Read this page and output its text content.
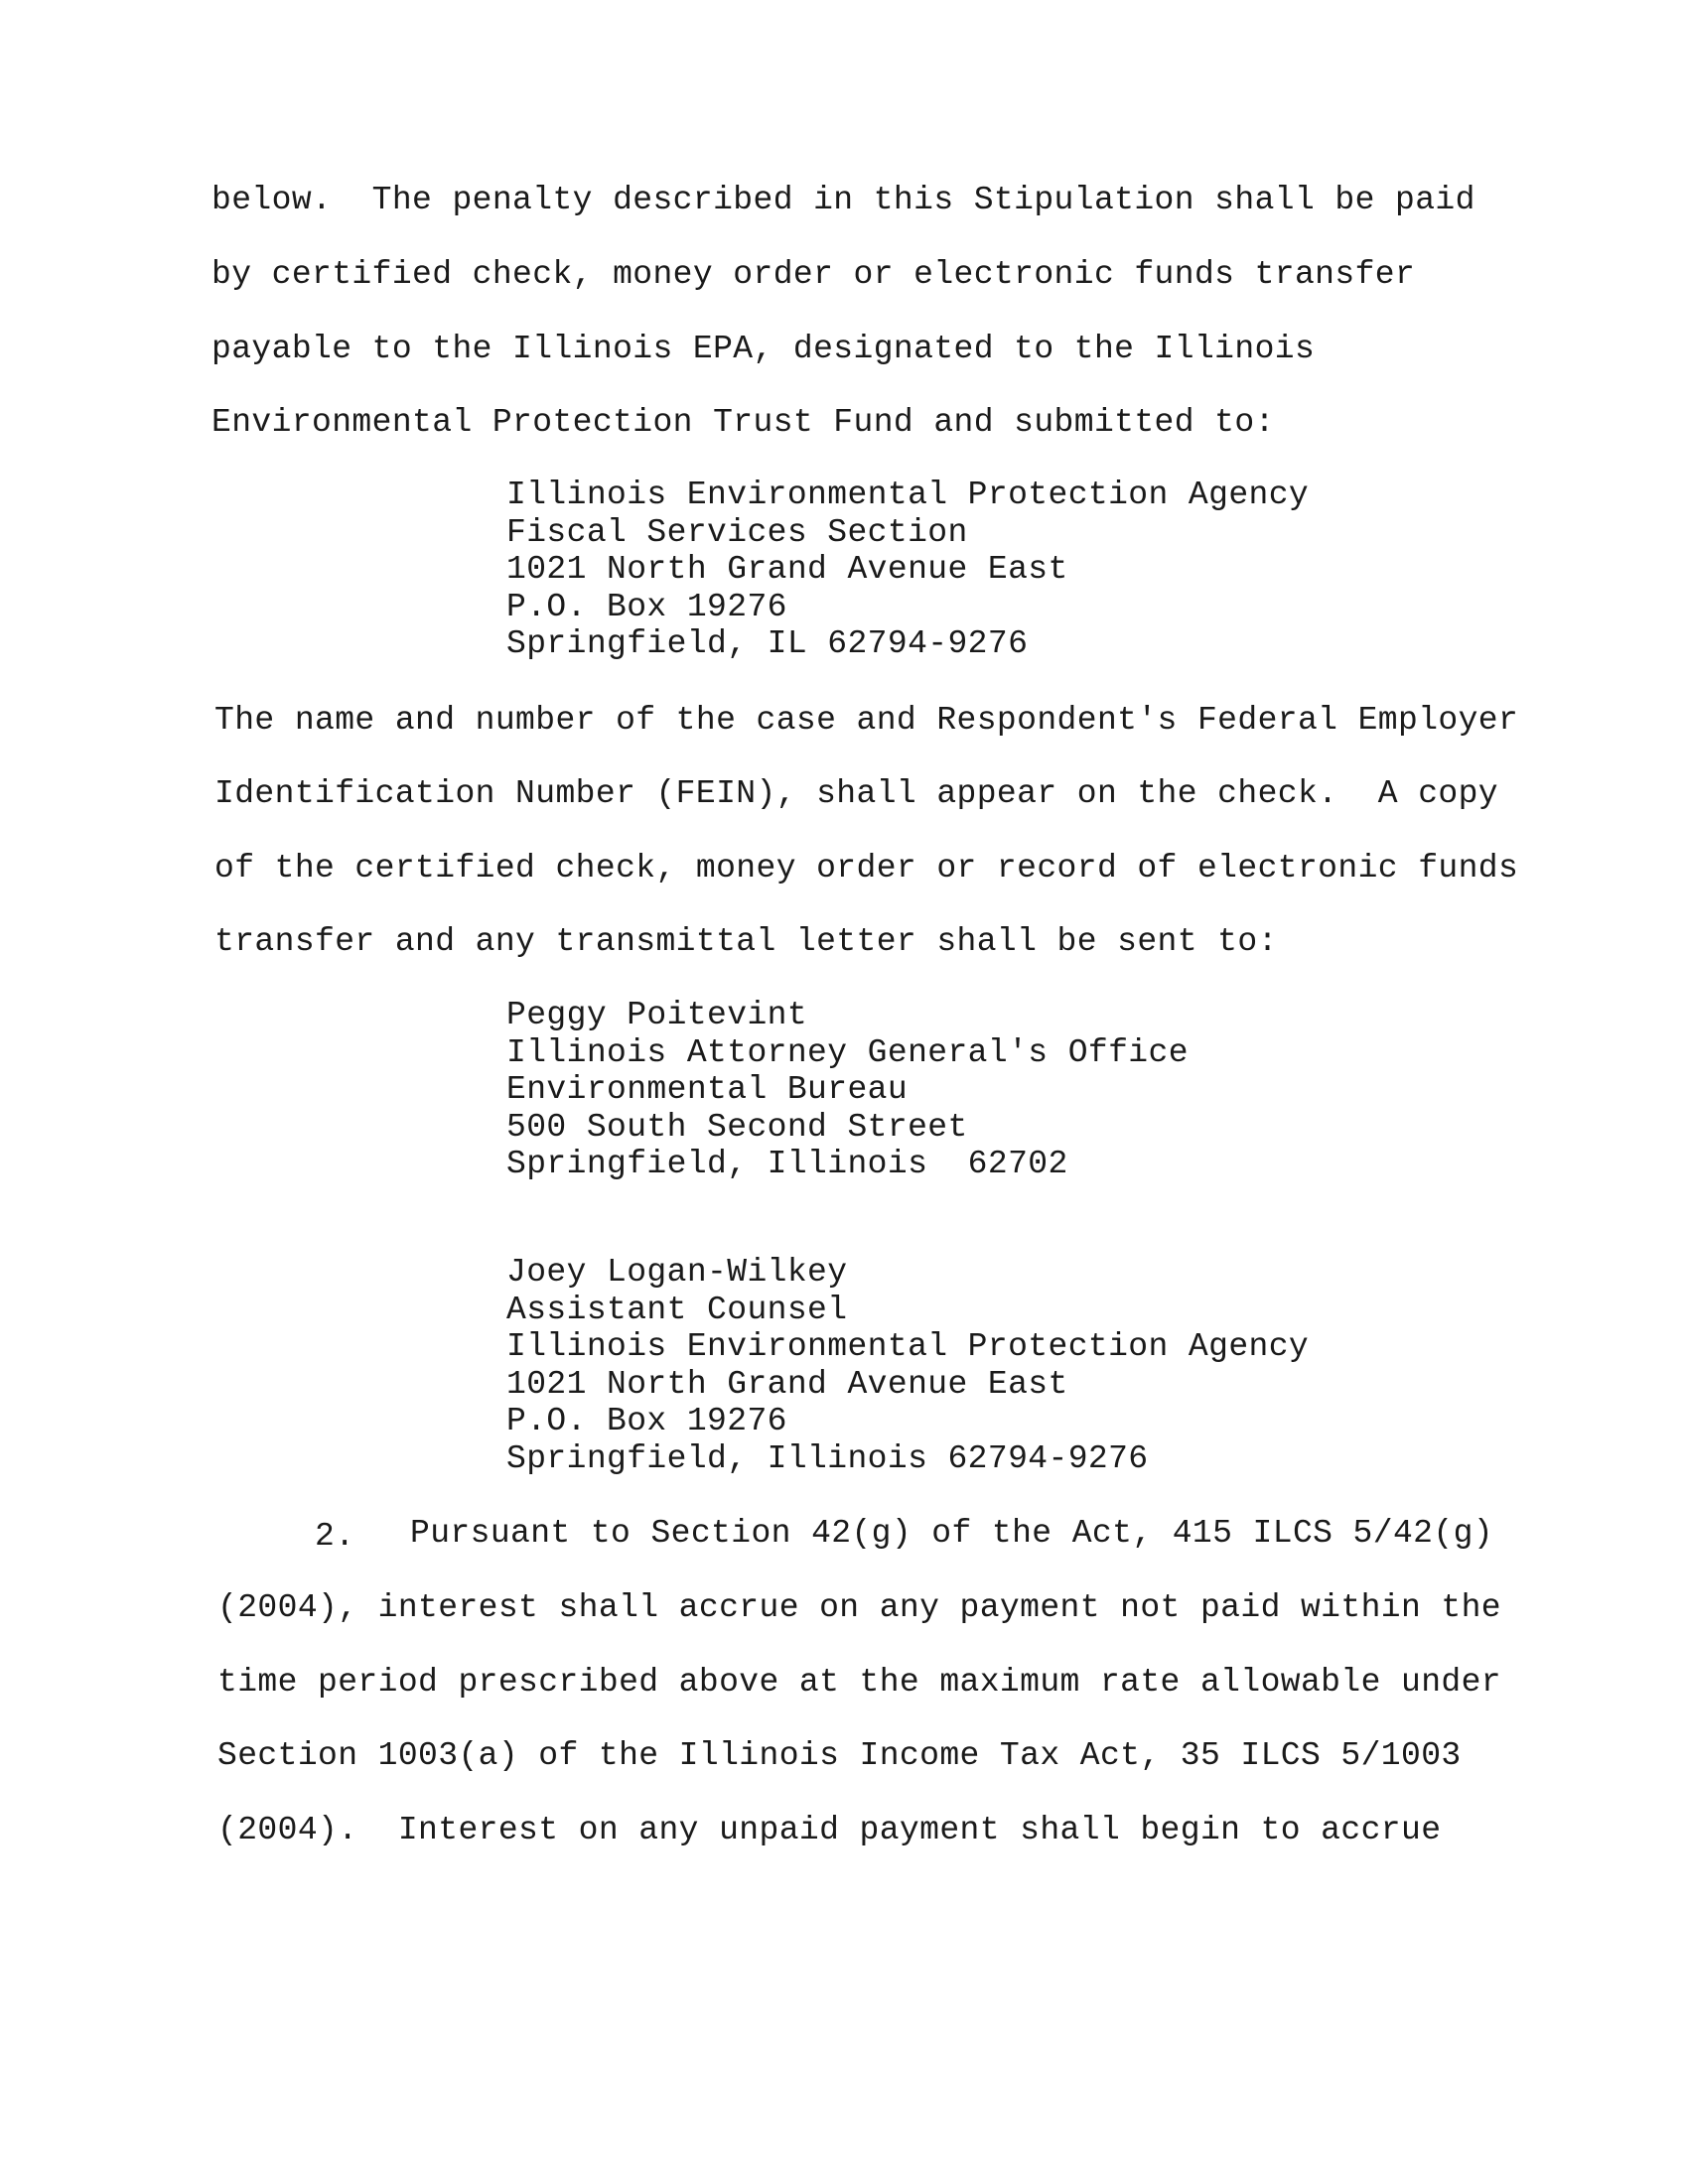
below.  The penalty described in this Stipulation shall be paid
by certified check, money order or electronic funds transfer
payable to the Illinois EPA, designated to the Illinois
Environmental Protection Trust Fund and submitted to:
Illinois Environmental Protection Agency
Fiscal Services Section
1021 North Grand Avenue East
P.O. Box 19276
Springfield, IL 62794-9276
The name and number of the case and Respondent's Federal Employer
Identification Number (FEIN), shall appear on the check.  A copy
of the certified check, money order or record of electronic funds
transfer and any transmittal letter shall be sent to:
Peggy Poitevint
Illinois Attorney General's Office
Environmental Bureau
500 South Second Street
Springfield, Illinois  62702
Joey Logan-Wilkey
Assistant Counsel
Illinois Environmental Protection Agency
1021 North Grand Avenue East
P.O. Box 19276
Springfield, Illinois 62794-9276
2. Pursuant to Section 42(g) of the Act, 415 ILCS 5/42(g)
(2004), interest shall accrue on any payment not paid within the
time period prescribed above at the maximum rate allowable under
Section 1003(a) of the Illinois Income Tax Act, 35 ILCS 5/1003
(2004).  Interest on any unpaid payment shall begin to accrue
